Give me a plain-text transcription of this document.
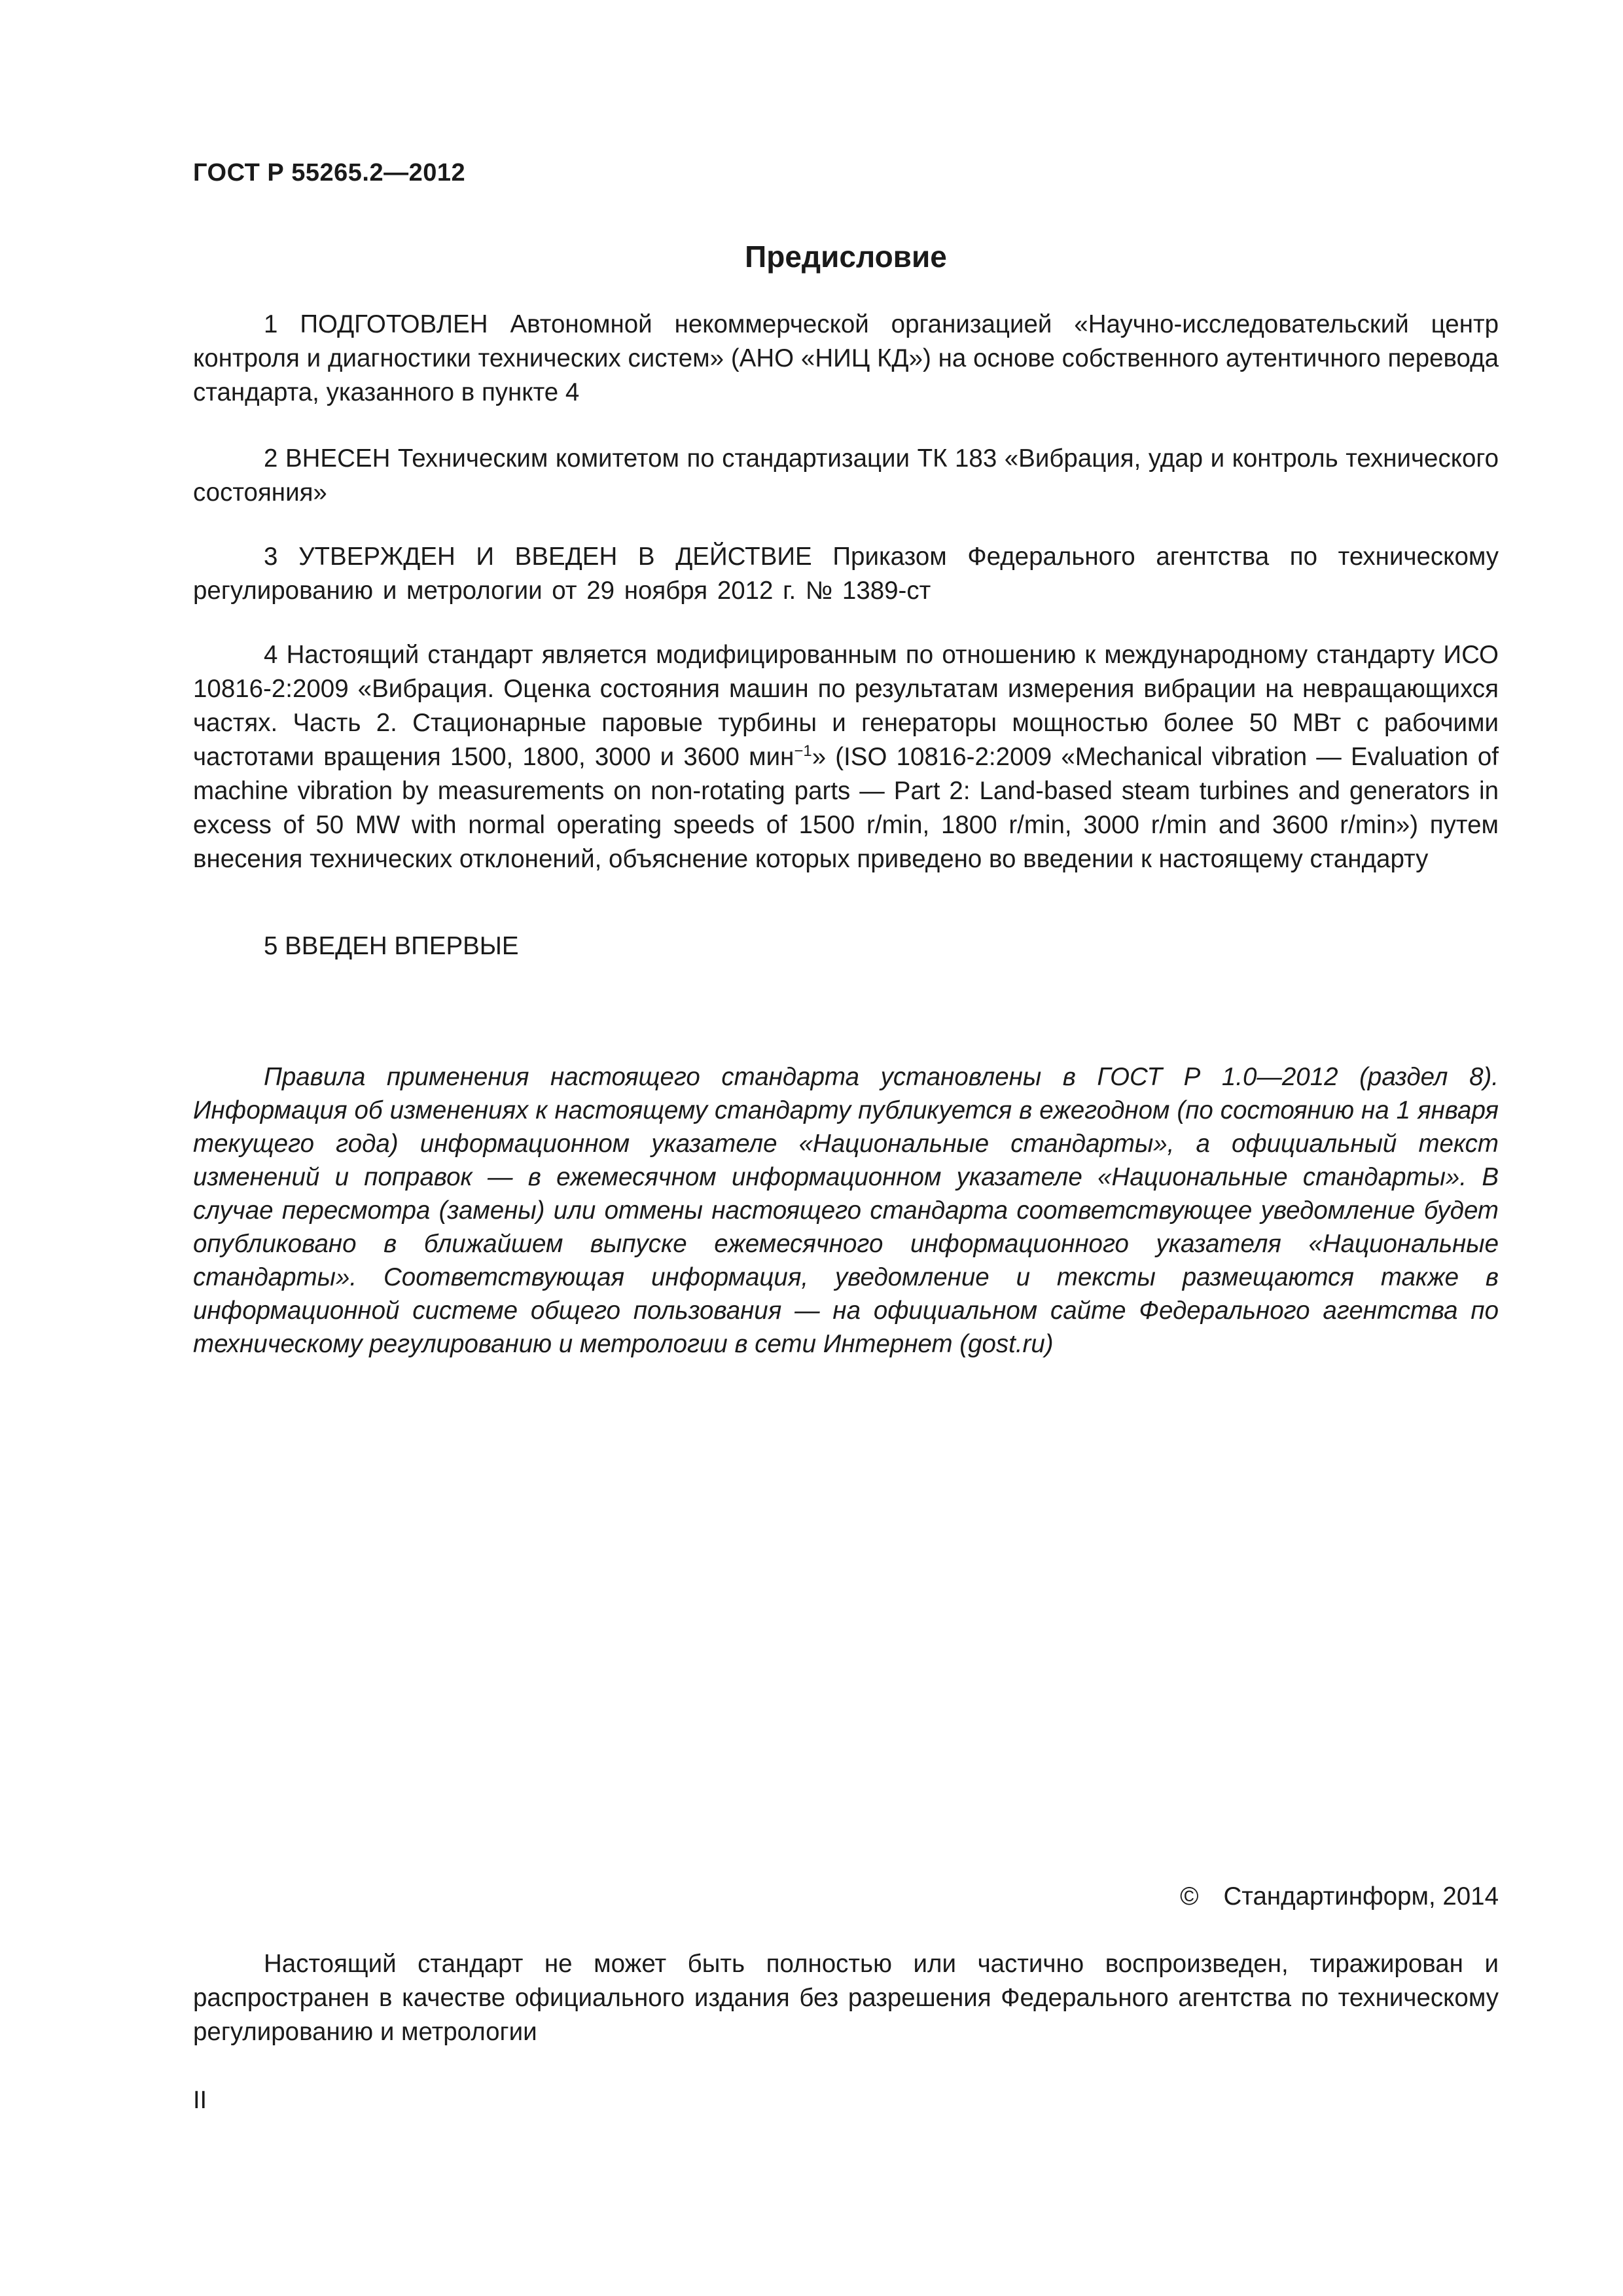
ГОСТ Р 55265.2—2012
Предисловие

1 ПОДГОТОВЛЕН Автономной некоммерческой организацией «Научно-исследовательский центр контроля и диагностики технических систем» (АНО «НИЦ КД») на основе собственного аутентичного перевода стандарта, указанного в пункте 4

2 ВНЕСЕН Техническим комитетом по стандартизации ТК 183 «Вибрация, удар и контроль технического состояния»

3 УТВЕРЖДЕН И ВВЕДЕН В ДЕЙСТВИЕ Приказом Федерального агентства по техническому регулированию и метрологии от 29 ноября 2012 г. № 1389-ст

4 Настоящий стандарт является модифицированным по отношению к международному стандарту ИСО 10816-2:2009 «Вибрация. Оценка состояния машин по результатам измерения вибрации на невращающихся частях. Часть 2. Стационарные паровые турбины и генераторы мощностью более 50 МВт с рабочими частотами вращения 1500, 1800, 3000 и 3600 мин$^{-1}$» (ISO 10816-2:2009 «Mechanical vibration — Evaluation of machine vibration by measurements on non-rotating parts — Part 2: Land-based steam turbines and generators in excess of 50 MW with normal operating speeds of 1500 r/min, 1800 r/min, 3000 r/min and 3600 r/min») путем внесения технических отклонений, объяснение которых приведено во введении к настоящему стандарту

5 ВВЕДЕН ВПЕРВЫЕ

Правила применения настоящего стандарта установлены в ГОСТ Р 1.0—2012 (раздел 8). Информация об изменениях к настоящему стандарту публикуется в ежегодном (по состоянию на 1 января текущего года) информационном указателе «Национальные стандарты», а официальный текст изменений и поправок — в ежемесячном информационном указателе «Национальные стандарты». В случае пересмотра (замены) или отмены настоящего стандарта соответствующее уведомление будет опубликовано в ближайшем выпуске ежемесячного информационного указателя «Национальные стандарты». Соответствующая информация, уведомление и тексты размещаются также в информационной системе общего пользования — на официальном сайте Федерального агентства по техническому регулированию и метрологии в сети Интернет (gost.ru)

© Стандартинформ, 2014

Настоящий стандарт не может быть полностью или частично воспроизведен, тиражирован и распространен в качестве официального издания без разрешения Федерального агентства по техническому регулированию и метрологии

II
